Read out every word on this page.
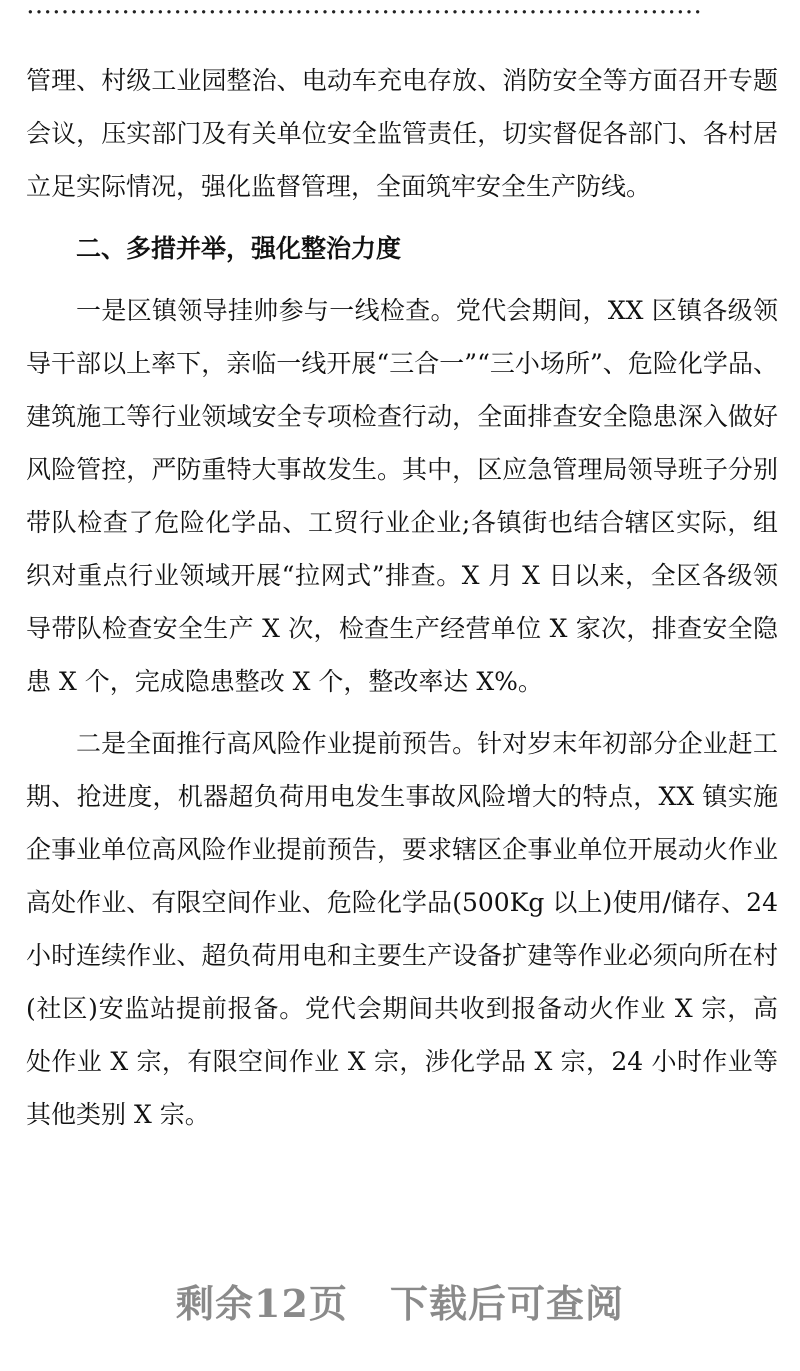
……………………………………………………………………

管理、村级工业园整治、电动车充电存放、消防安全等方面召开专题会议，压实部门及有关单位安全监管责任，切实督促各部门、各村居立足实际情况，强化监督管理，全面筑牢安全生产防线。

二、多措并举，强化整治力度

一是区镇领导挂帅参与一线检查。党代会期间，XX 区镇各级领导干部以上率下，亲临一线开展“三合一”“三小场所”、危险化学品、建筑施工等行业领域安全专项检查行动，全面排查安全隐患深入做好风险管控，严防重特大事故发生。其中，区应急管理局领导班子分别带队检查了危险化学品、工贸行业企业;各镇街也结合辖区实际，组织对重点行业领域开展“拉网式”排查。X 月 X 日以来，全区各级领导带队检查安全生产 X 次，检查生产经营单位 X 家次，排查安全隐患 X 个，完成隐患整改 X 个，整改率达 X%。

二是全面推行高风险作业提前预告。针对岁末年初部分企业赶工期、抢进度，机器超负荷用电发生事故风险增大的特点，XX 镇实施企事业单位高风险作业提前预告，要求辖区企事业单位开展动火作业高处作业、有限空间作业、危险化学品(500Kg 以上)使用/储存、24 小时连续作业、超负荷用电和主要生产设备扩建等作业必须向所在村(社区)安监站提前报备。党代会期间共收到报备动火作业 X 宗，高处作业 X 宗，有限空间作业 X 宗，涉化学品 X 宗，24 小时作业等其他类别 X 宗。

剩余12页 下载后可查阅
